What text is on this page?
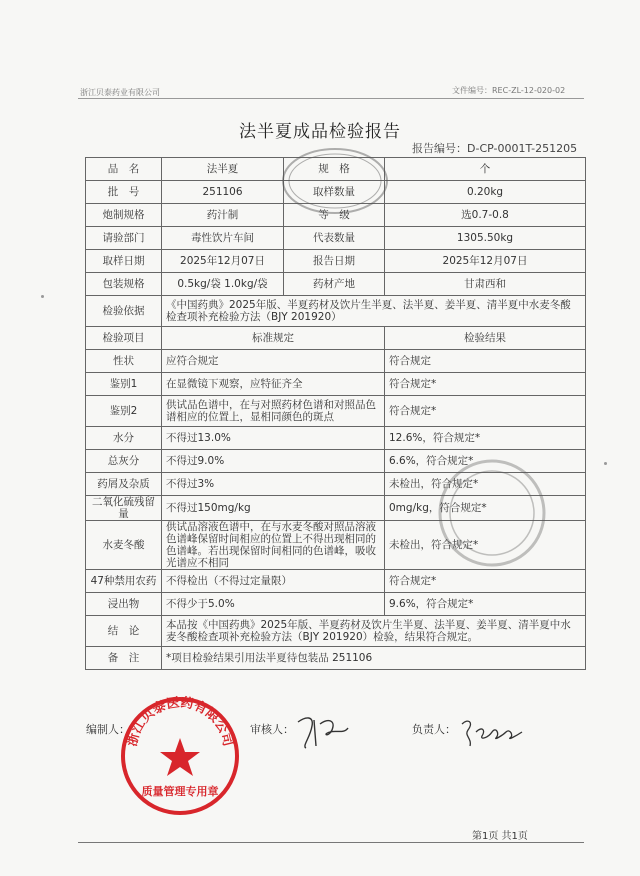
浙江贝泰药业有限公司	文件编号：REC-ZL-12-020-02
法半夏成品检验报告
报告编号：D-CP-0001T-251205
品　名	法半夏	规　格	个
批　号	251106	取样数量	0.20kg
炮制规格	药汁制	等　级	选0.7-0.8
请验部门	毒性饮片车间	代表数量	1305.50kg
取样日期	2025年12月07日	报告日期	2025年12月07日
包装规格	0.5kg/袋 1.0kg/袋	药材产地	甘肃西和
检验依据	《中国药典》2025年版、半夏药材及饮片生半夏、法半夏、姜半夏、清半夏中水麦冬酸检查项补充检验方法（BJY 201920）		
检验项目	标准规定		检验结果
性状	应符合规定		符合规定
鉴别1	在显微镜下观察，应特征齐全		符合规定*
鉴别2	供试品色谱中，在与对照药材色谱和对照品色谱相应的位置上，显相同颜色的斑点		符合规定*
水分	不得过13.0%		12.6%，符合规定*
总灰分	不得过9.0%		6.6%，符合规定*
药屑及杂质	不得过3%		未检出，符合规定*
二氧化硫残留量	不得过150mg/kg		0mg/kg，符合规定*
水麦冬酸	供试品溶液色谱中，在与水麦冬酸对照品溶液色谱峰保留时间相应的位置上不得出现相同的色谱峰。若出现保留时间相同的色谱峰，吸收光谱应不相同		未检出，符合规定*
47种禁用农药	不得检出（不得过定量限）		符合规定*
浸出物	不得少于5.0%		9.6%，符合规定*
结　论	本品按《中国药典》2025年版、半夏药材及饮片生半夏、法半夏、姜半夏、清半夏中水麦冬酸检查项补充检验方法（BJY 201920）检验，结果符合规定。		
备　注	*项目检验结果引用法半夏待包装品 251106		
编制人：	审核人：	负责人：
浙江贝泰医药有限公司
质量管理专用章
第1页 共1页
